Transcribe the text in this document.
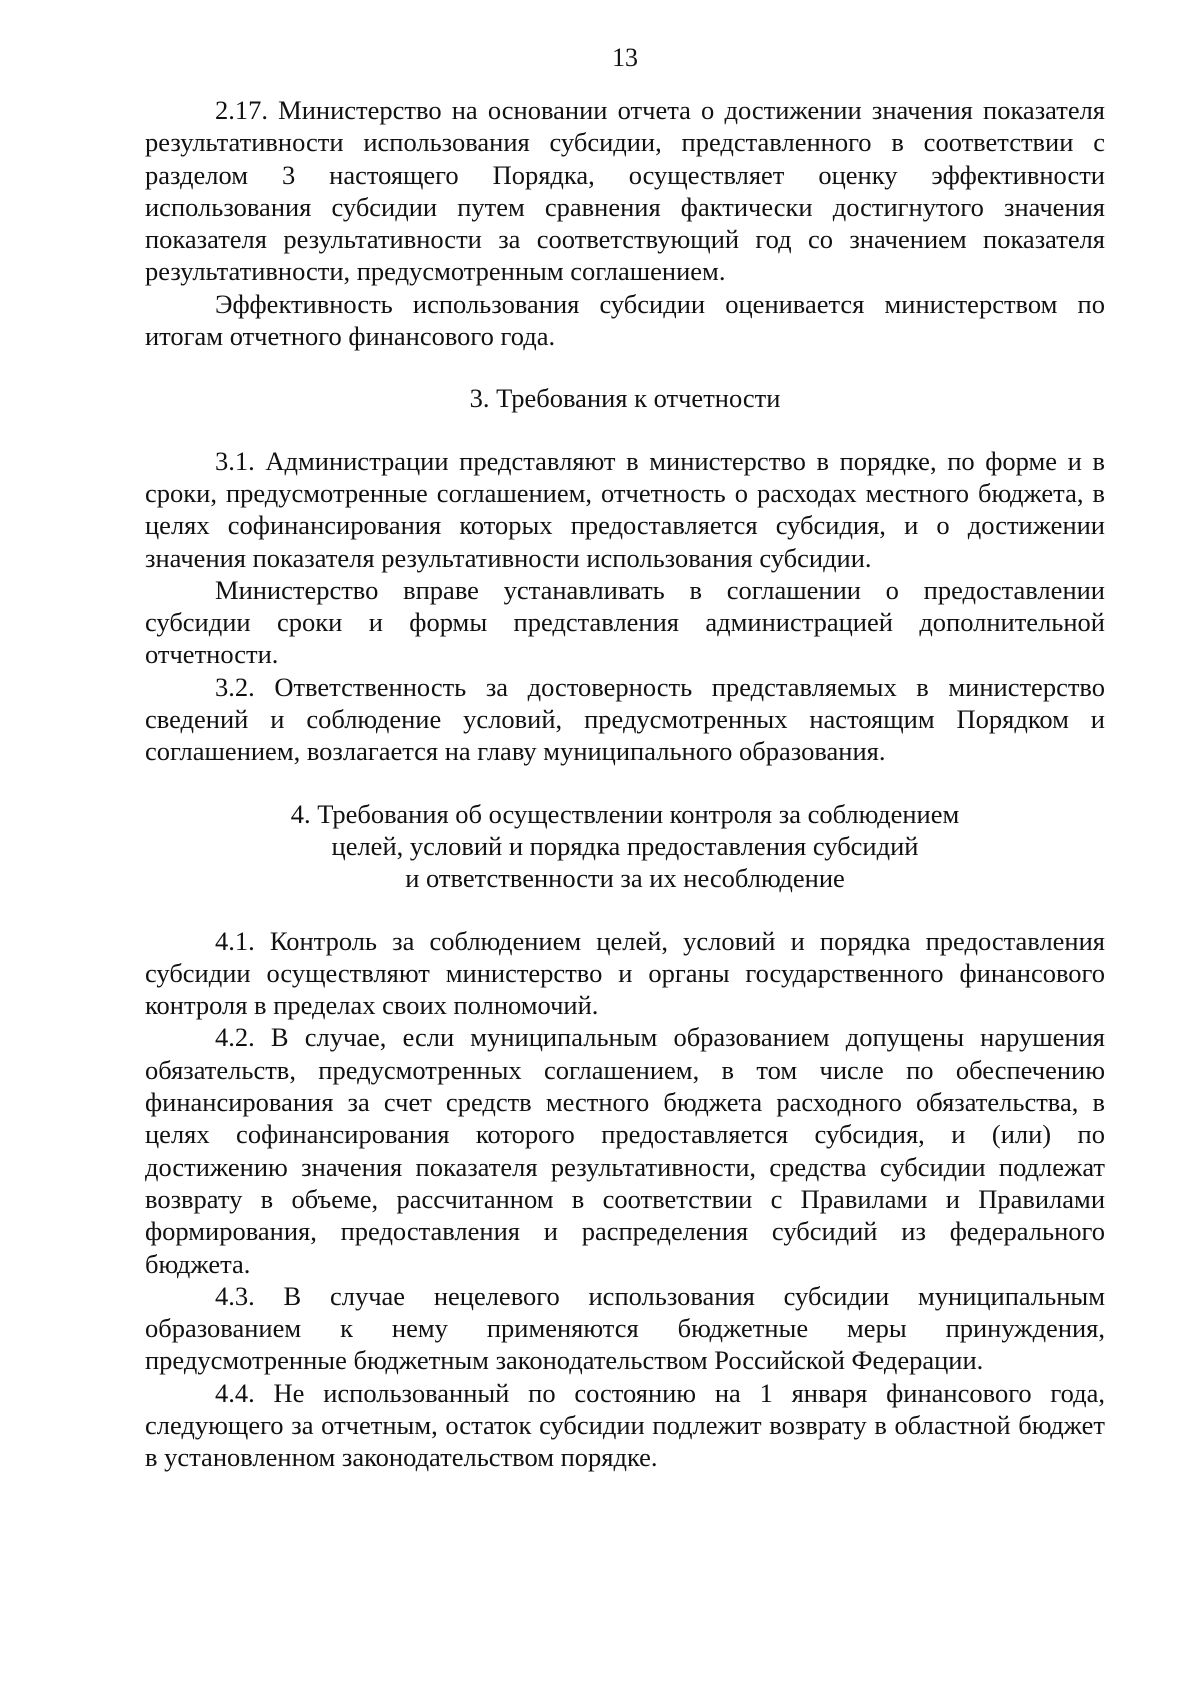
13

2.17. Министерство на основании отчета о достижении значения показателя результативности использования субсидии, представленного в соответствии с разделом 3 настоящего Порядка, осуществляет оценку эффективности использования субсидии путем сравнения фактически достигнутого значения показателя результативности за соответствующий год со значением показателя результативности, предусмотренным соглашением.

Эффективность использования субсидии оценивается министерством по итогам отчетного финансового года.

3. Требования к отчетности

3.1. Администрации представляют в министерство в порядке, по форме и в сроки, предусмотренные соглашением, отчетность о расходах местного бюджета, в целях софинансирования которых предоставляется субсидия, и о достижении значения показателя результативности использования субсидии.

Министерство вправе устанавливать в соглашении о предоставлении субсидии сроки и формы представления администрацией дополнительной отчетности.

3.2. Ответственность за достоверность представляемых в министерство сведений и соблюдение условий, предусмотренных настоящим Порядком и соглашением, возлагается на главу муниципального образования.

4. Требования об осуществлении контроля за соблюдением
целей, условий и порядка предоставления субсидий
и ответственности за их несоблюдение

4.1. Контроль за соблюдением целей, условий и порядка предоставления субсидии осуществляют министерство и органы государственного финансового контроля в пределах своих полномочий.

4.2. В случае, если муниципальным образованием допущены нарушения обязательств, предусмотренных соглашением, в том числе по обеспечению финансирования за счет средств местного бюджета расходного обязательства, в целях софинансирования которого предоставляется субсидия, и (или) по достижению значения показателя результативности, средства субсидии подлежат возврату в объеме, рассчитанном в соответствии с Правилами и Правилами формирования, предоставления и распределения субсидий из федерального бюджета.

4.3. В случае нецелевого использования субсидии муниципальным образованием к нему применяются бюджетные меры принуждения, предусмотренные бюджетным законодательством Российской Федерации.

4.4. Не использованный по состоянию на 1 января финансового года, следующего за отчетным, остаток субсидии подлежит возврату в областной бюджет в установленном законодательством порядке.
